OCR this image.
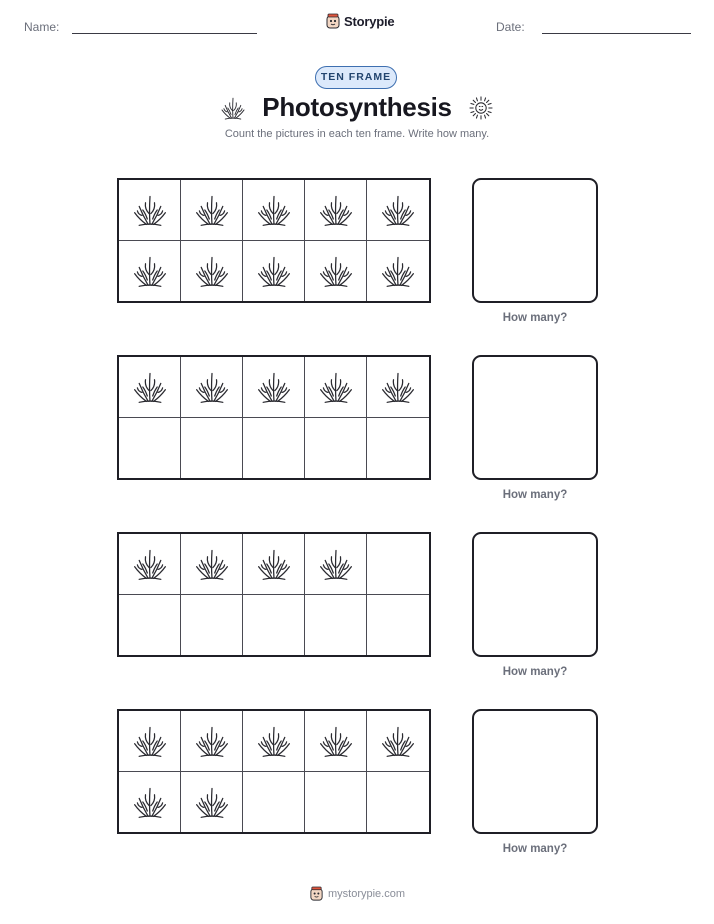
Name:	Storypie	Date:
TEN FRAME
Photosynthesis
Count the pictures in each ten frame. Write how many.
How many?
How many?
How many?
How many?
mystorypie.com
